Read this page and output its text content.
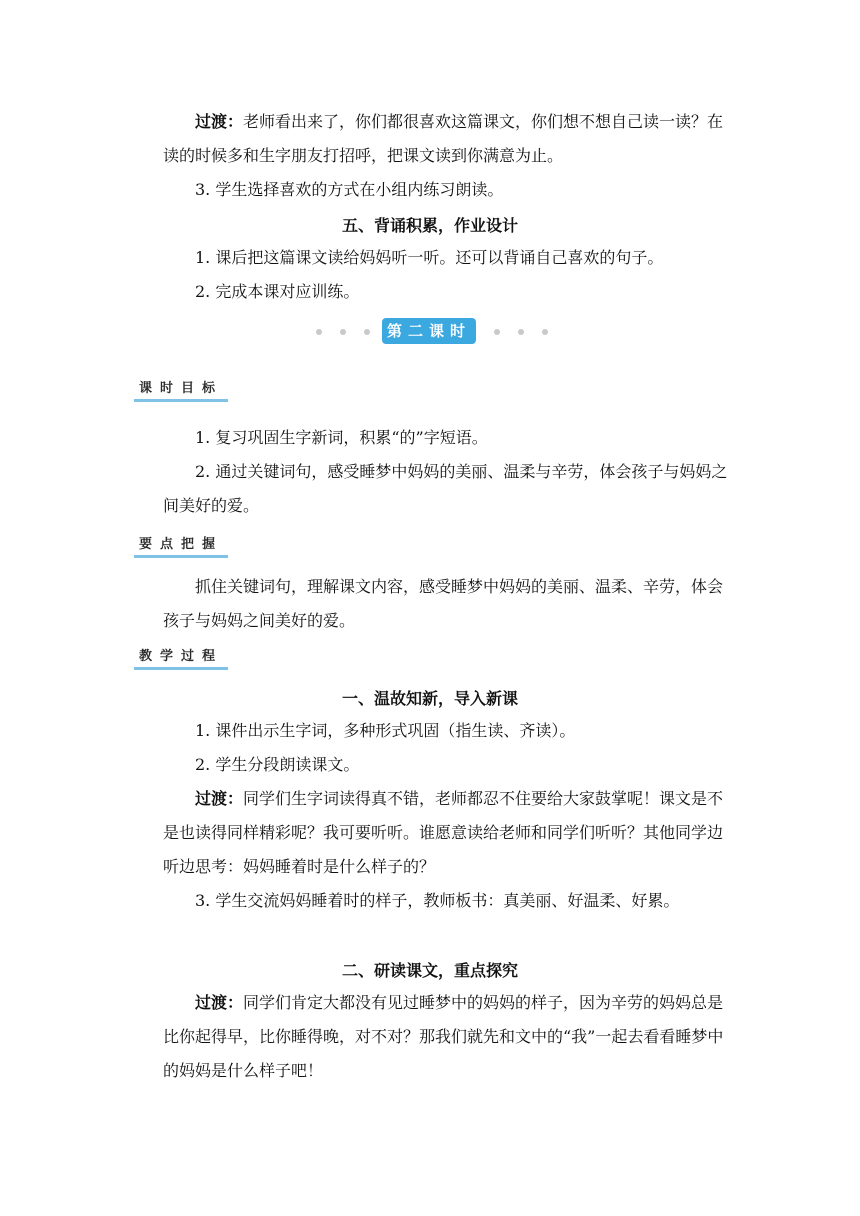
过渡：老师看出来了，你们都很喜欢这篇课文，你们想不想自己读一读？在读的时候多和生字朋友打招呼，把课文读到你满意为止。

3. 学生选择喜欢的方式在小组内练习朗读。

五、背诵积累，作业设计

1. 课后把这篇课文读给妈妈听一听。还可以背诵自己喜欢的句子。

2. 完成本课对应训练。

第二课时
课时目标

1. 复习巩固生字新词，积累“的”字短语。

2. 通过关键词句，感受睡梦中妈妈的美丽、温柔与辛劳，体会孩子与妈妈之间美好的爱。

要点把握

抓住关键词句，理解课文内容，感受睡梦中妈妈的美丽、温柔、辛劳，体会孩子与妈妈之间美好的爱。

教学过程

一、温故知新，导入新课

1. 课件出示生字词，多种形式巩固（指生读、齐读）。

2. 学生分段朗读课文。

过渡：同学们生字词读得真不错，老师都忍不住要给大家鼓掌呢！课文是不是也读得同样精彩呢？我可要听听。谁愿意读给老师和同学们听听？其他同学边听边思考：妈妈睡着时是什么样子的？

3. 学生交流妈妈睡着时的样子，教师板书：真美丽、好温柔、好累。

二、研读课文，重点探究

过渡：同学们肯定大都没有见过睡梦中的妈妈的样子，因为辛劳的妈妈总是比你起得早，比你睡得晚，对不对？那我们就先和文中的“我”一起去看看睡梦中的妈妈是什么样子吧！
